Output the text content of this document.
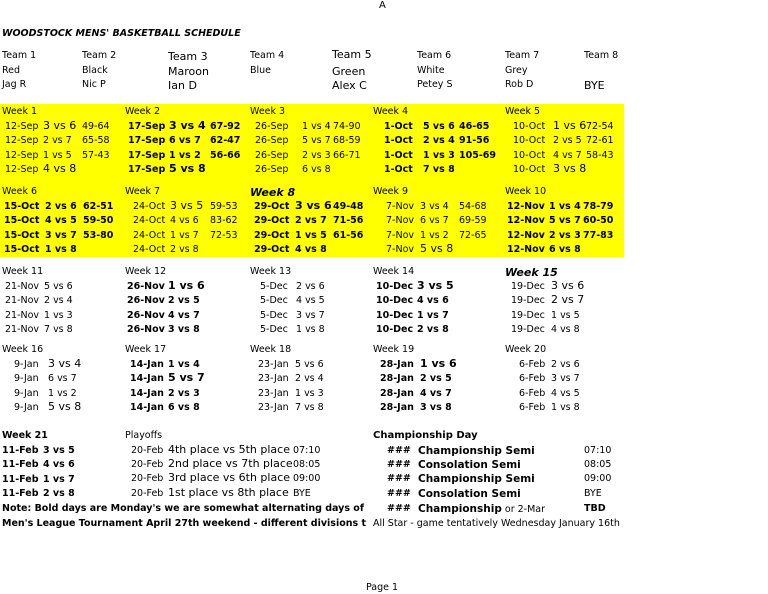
A
WOODSTOCK MENS' BASKETBALL SCHEDULE
Team 1
Red
Jag R
Team 2
Black
Nic P
Team 3
Maroon
Ian D
Team 4
Blue
Team 5
Green
Alex C
Team 6
White
Petey S
Team 7
Grey
Rob D
Team 8
BYE
Week 1
12-Sep 3 vs 6 49-64
12-Sep 2 vs 7 65-58
12-Sep 1 vs 5 57-43
12-Sep 4 vs 8
Week 2
17-Sep 3 vs 4 67-92
17-Sep 6 vs 7 62-47
17-Sep 1 vs 2 56-66
17-Sep 5 vs 8
Week 3
26-Sep 1 vs 4 74-90
26-Sep 5 vs 7 68-59
26-Sep 2 vs 3 66-71
26-Sep 6 vs 8
Week 4
1-Oct 5 vs 6 46-65
1-Oct 2 vs 4 91-56
1-Oct 1 vs 3 105-69
1-Oct 7 vs 8
Week 5
10-Oct 1 vs 6 72-54
10-Oct 2 vs 5 72-61
10-Oct 4 vs 7 58-43
10-Oct 3 vs 8
Week 6
15-Oct 2 vs 6 62-51
15-Oct 4 vs 5 59-50
15-Oct 3 vs 7 53-80
15-Oct 1 vs 8
Week 7
24-Oct 3 vs 5 59-53
24-Oct 4 vs 6 83-62
24-Oct 1 vs 7 72-53
24-Oct 2 vs 8
Week 8
29-Oct 3 vs 6 49-48
29-Oct 2 vs 7 71-56
29-Oct 1 vs 5 61-56
29-Oct 4 vs 8
Week 9
7-Nov 3 vs 4 54-68
7-Nov 6 vs 7 69-59
7-Nov 1 vs 2 72-65
7-Nov 5 vs 8
Week 10
12-Nov 1 vs 4 78-79
12-Nov 5 vs 7 60-50
12-Nov 2 vs 3 77-83
12-Nov 6 vs 8
Week 11
21-Nov 5 vs 6
21-Nov 2 vs 4
21-Nov 1 vs 3
21-Nov 7 vs 8
Week 12
26-Nov 1 vs 6
26-Nov 2 vs 5
26-Nov 4 vs 7
26-Nov 3 vs 8
Week 13
5-Dec 2 vs 6
5-Dec 4 vs 5
5-Dec 3 vs 7
5-Dec 1 vs 8
Week 14
10-Dec 3 vs 5
10-Dec 4 vs 6
10-Dec 1 vs 7
10-Dec 2 vs 8
Week 15
19-Dec 3 vs 6
19-Dec 2 vs 7
19-Dec 1 vs 5
19-Dec 4 vs 8
Week 16
9-Jan 3 vs 4
9-Jan 6 vs 7
9-Jan 1 vs 2
9-Jan 5 vs 8
Week 17
14-Jan 1 vs 4
14-Jan 5 vs 7
14-Jan 2 vs 3
14-Jan 6 vs 8
Week 18
23-Jan 5 vs 6
23-Jan 2 vs 4
23-Jan 1 vs 3
23-Jan 7 vs 8
Week 19
28-Jan 1 vs 6
28-Jan 2 vs 5
28-Jan 4 vs 7
28-Jan 3 vs 8
Week 20
6-Feb 2 vs 6
6-Feb 3 vs 7
6-Feb 4 vs 5
6-Feb 1 vs 8
Week 21
11-Feb 3 vs 5
11-Feb 4 vs 6
11-Feb 1 vs 7
11-Feb 2 vs 8
Playoffs
20-Feb 4th place vs 5th place 07:10
20-Feb 2nd place vs 7th place 08:05
20-Feb 3rd place vs 6th place 09:00
20-Feb 1st place vs 8th place BYE
Championship Day
### Championship Semi	07:10
### Consolation Semi	08:05
### Championship Semi	09:00
### Consolation Semi	BYE
### Championship or 2-Mar	TBD
Note: Bold days are Monday's we are somewhat alternating days of
Men's League Tournament April 27th weekend - different divisions t All Star - game tentatively Wednesday January 16th
Page 1
